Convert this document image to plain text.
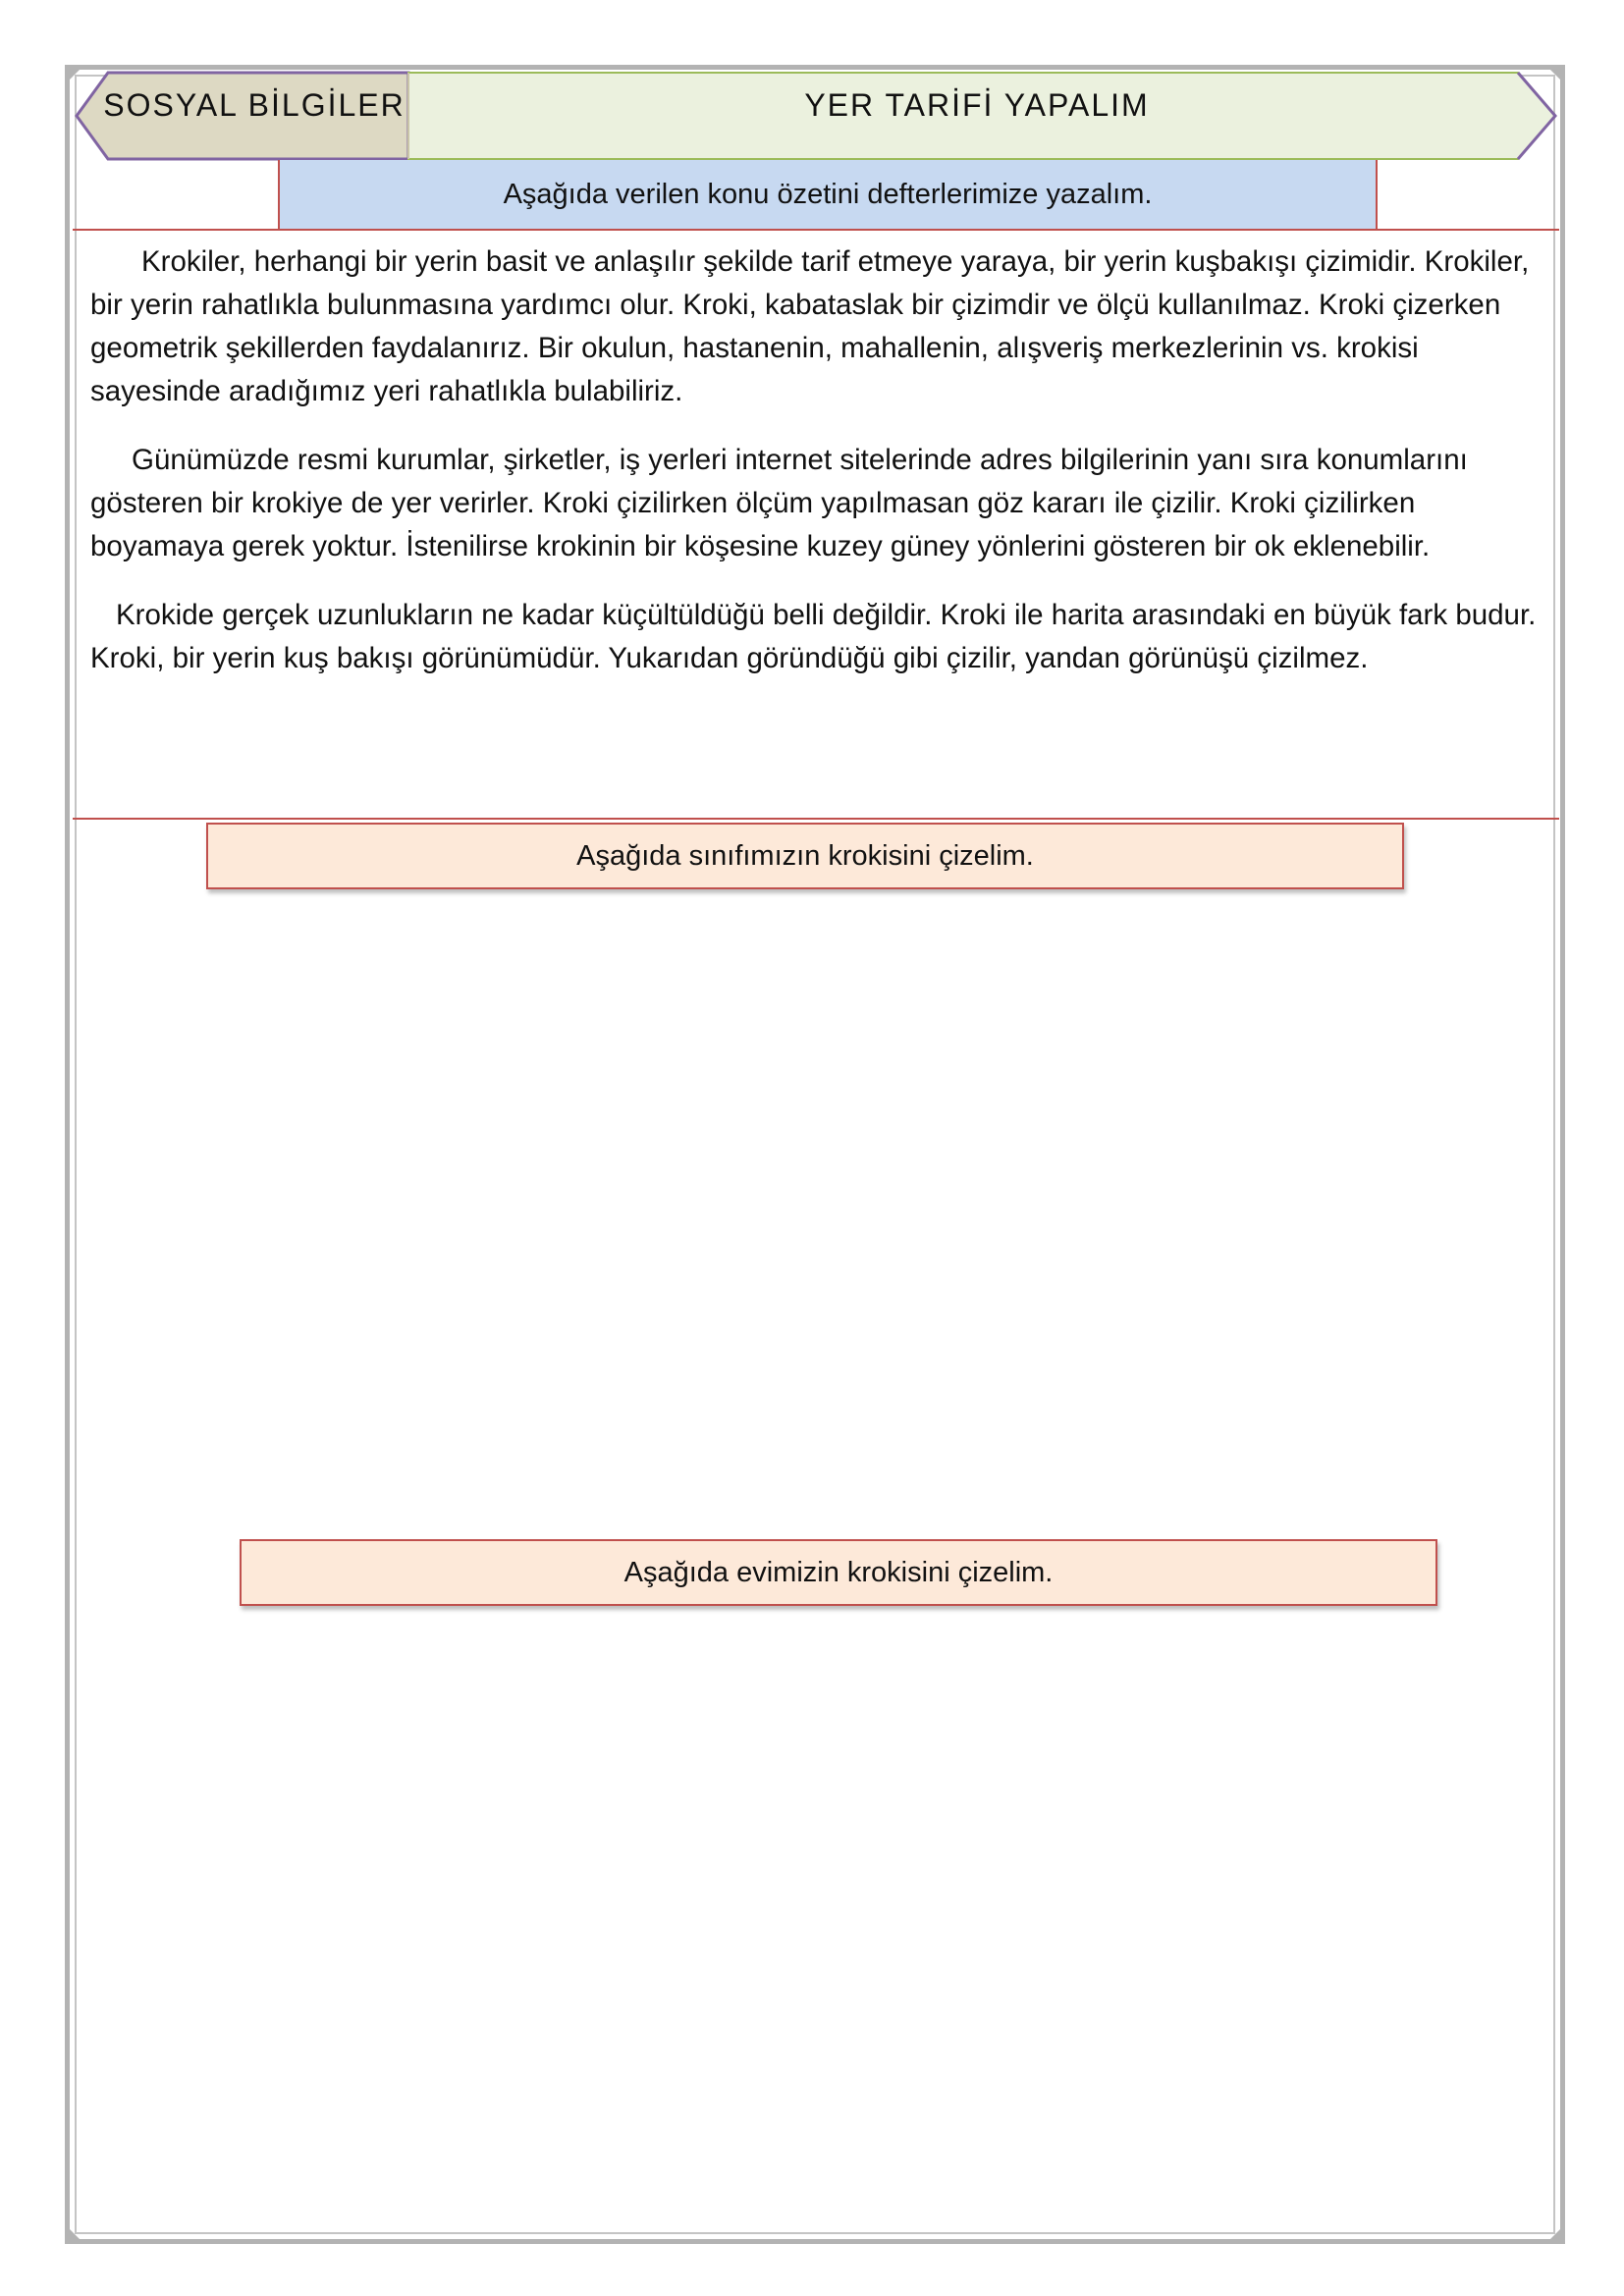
SOSYAL BİLGİLER	YER TARİFİ YAPALIM
Aşağıda verilen konu özetini defterlerimize yazalım.

Krokiler, herhangi bir yerin basit ve anlaşılır şekilde tarif etmeye yaraya, bir yerin kuşbakışı çizimidir. Krokiler, bir yerin rahatlıkla bulunmasına yardımcı olur. Kroki, kabataslak bir çizimdir ve ölçü kullanılmaz. Kroki çizerken geometrik şekillerden faydalanırız. Bir okulun, hastanenin, mahallenin, alışveriş merkezlerinin vs. krokisi sayesinde aradığımız yeri rahatlıkla bulabiliriz.

Günümüzde resmi kurumlar, şirketler, iş yerleri internet sitelerinde adres bilgilerinin yanı sıra konumlarını gösteren bir krokiye de yer verirler. Kroki çizilirken ölçüm yapılmasan göz kararı ile çizilir. Kroki çizilirken boyamaya gerek yoktur. İstenilirse krokinin bir köşesine kuzey güney yönlerini gösteren bir ok eklenebilir.

Krokide gerçek uzunlukların ne kadar küçültüldüğü belli değildir. Kroki ile harita arasındaki en büyük fark budur. Kroki, bir yerin kuş bakışı görünümüdür. Yukarıdan göründüğü gibi çizilir, yandan görünüşü çizilmez.

Aşağıda sınıfımızın krokisini çizelim.
Aşağıda evimizin krokisini çizelim.
